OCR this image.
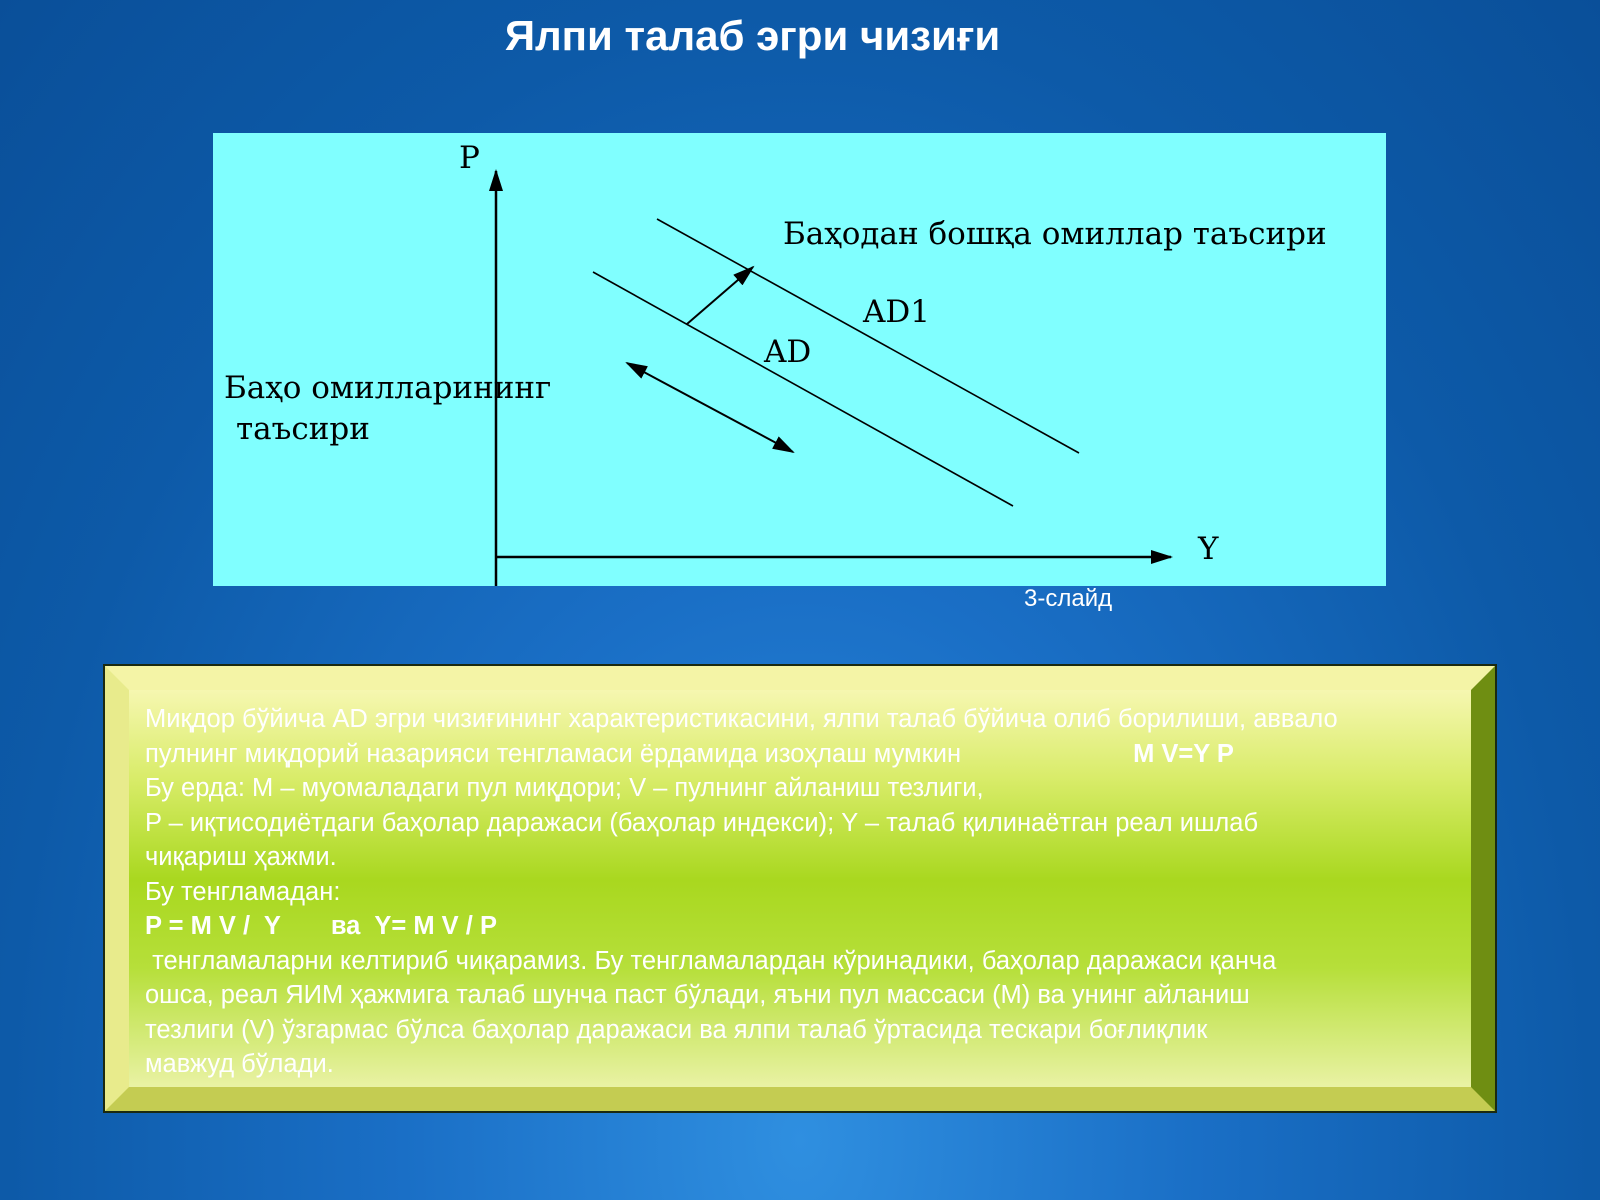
Ялпи талаб эгри чизиғи
P
Y
AD1
AD
Баҳодан бошқа омиллар таъсири
Баҳо омилларининг
таъсири
3-слайд
Миқдор бўйича AD эгри чизиғининг характеристикасини, ялпи талаб бўйича олиб борилиши, аввало
пулнинг миқдорий назарияси тенгламаси ёрдамида изоҳлаш мумкин	M V=Y P
Бу ерда: M – муомаладаги пул миқдори; V – пулнинг айланиш тезлиги,
P – иқтисодиётдаги баҳолар даражаси (баҳолар индекси); Y – талаб қилинаётган реал ишлаб
чиқариш ҳажми.
Бу тенгламадан:
P = M V /  Y ва Y= M V / P
тенгламаларни келтириб чиқарамиз. Бу тенгламалардан кўринадики, баҳолар даражаси қанча
ошса, реал ЯИМ ҳажмига талаб шунча паст бўлади, яъни пул массаси (M) ва унинг айланиш
тезлиги (V) ўзгармас бўлса баҳолар даражаси ва ялпи талаб ўртасида тескари боғлиқлик
мавжуд бўлади.
